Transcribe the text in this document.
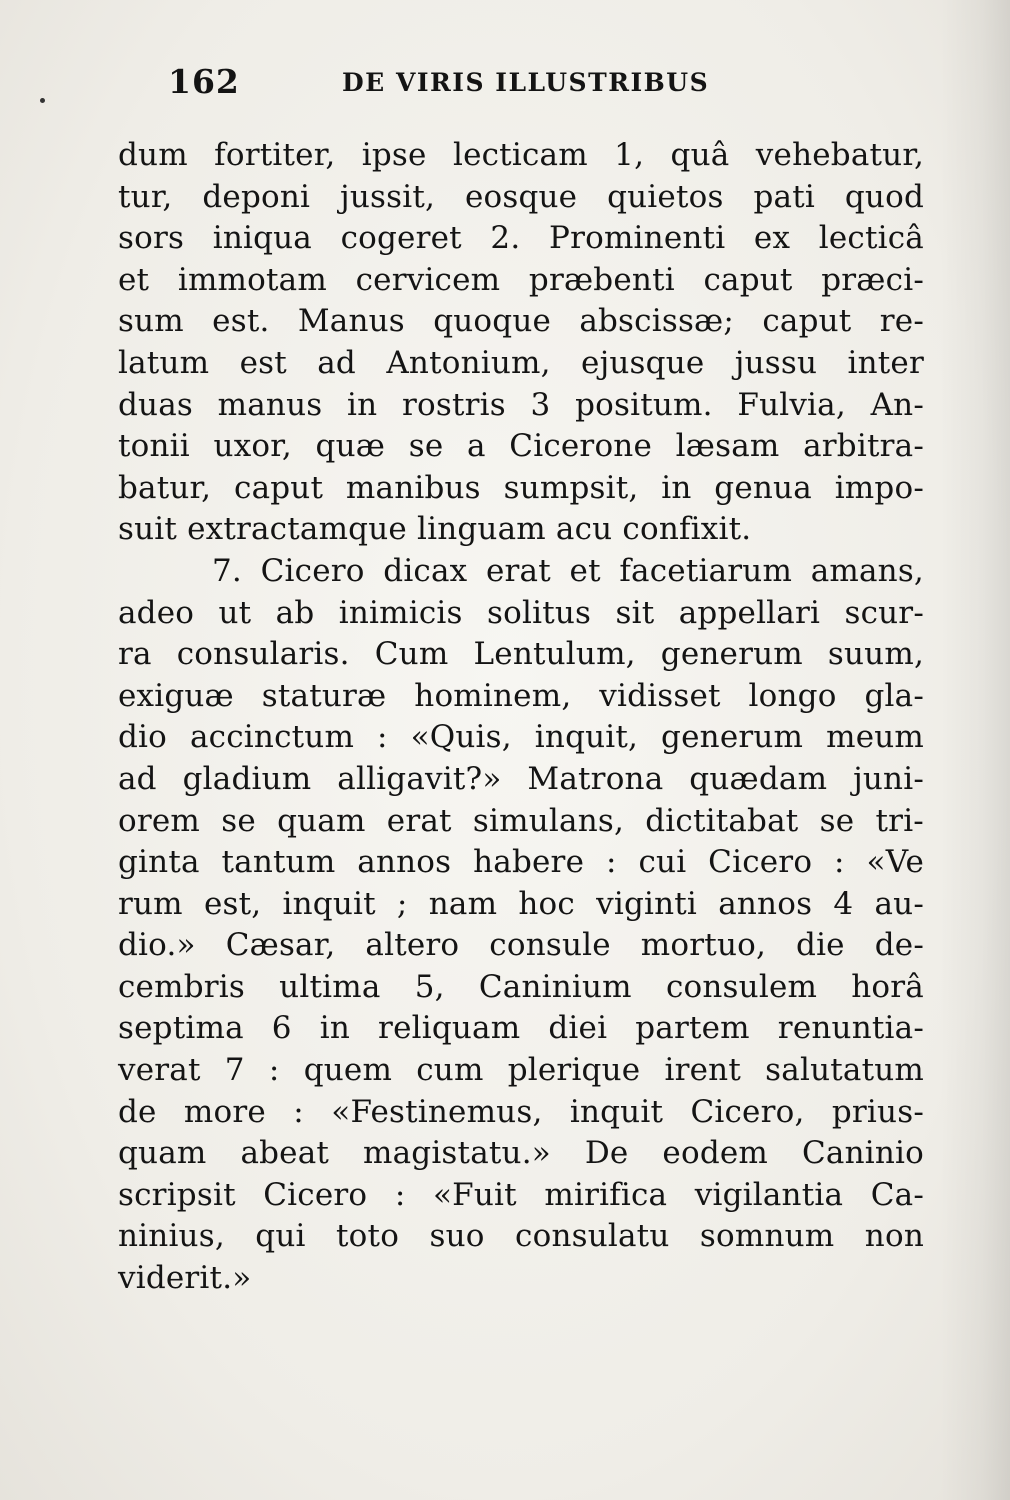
162	DE VIRIS ILLUSTRIBUS
dum fortiter, ipse lecticam 1, quâ vehebatur,
tur, deponi jussit, eosque quietos pati quod
sors iniqua cogeret 2. Prominenti ex lecticâ
et immotam cervicem præbenti caput præci-
sum est. Manus quoque abscissæ; caput re-
latum est ad Antonium, ejusque jussu inter
duas manus in rostris 3 positum. Fulvia, An-
tonii uxor, quæ se a Cicerone læsam arbitra-
batur, caput manibus sumpsit, in genua impo-
suit extractamque linguam acu confixit.
7. Cicero dicax erat et facetiarum amans,
adeo ut ab inimicis solitus sit appellari scur-
ra consularis. Cum Lentulum, generum suum,
exiguæ staturæ hominem, vidisset longo gla-
dio accinctum : «Quis, inquit, generum meum
ad gladium alligavit?» Matrona quædam juni-
orem se quam erat simulans, dictitabat se tri-
ginta tantum annos habere : cui Cicero : «Ve
rum est, inquit ; nam hoc viginti annos 4 au-
dio.» Cæsar, altero consule mortuo, die de-
cembris ultima 5, Caninium consulem horâ
septima 6 in reliquam diei partem renuntia-
verat 7 : quem cum plerique irent salutatum
de more : «Festinemus, inquit Cicero, prius-
quam abeat magistatu.» De eodem Caninio
scripsit Cicero : «Fuit mirifica vigilantia Ca-
ninius, qui toto suo consulatu somnum non
viderit.»
